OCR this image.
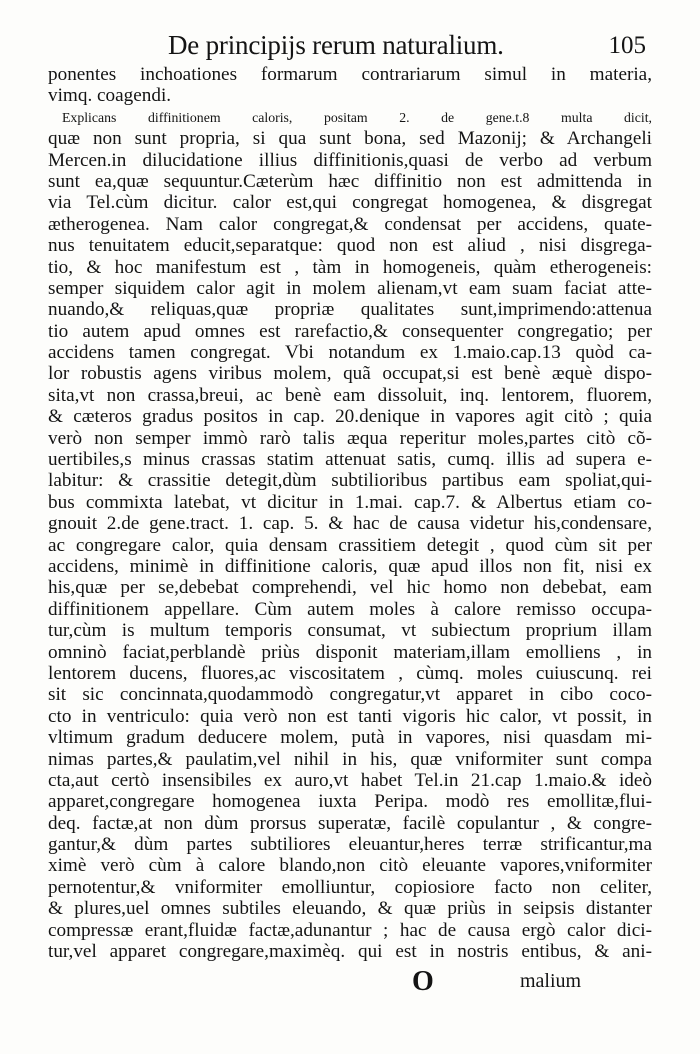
De principijs rerum naturalium.	105
ponentes inchoationes formarum contrariarum simul in materia,
vimq. coagendi.
Explicans diffinitionem caloris, positam 2. de gene.t.8 multa dicit,
quæ non sunt propria, si qua sunt bona, sed Mazonij; & Archangeli
Mercen.in dilucidatione illius diffinitionis,quasi de verbo ad verbum
sunt ea,quæ sequuntur.Cæterùm hæc diffinitio non est admittenda in
via Tel.cùm dicitur. calor est,qui congregat homogenea, & disgregat
ætherogenea. Nam calor congregat,& condensat per accidens, quate-
nus tenuitatem educit,separatque: quod non est aliud , nisi disgrega-
tio, & hoc manifestum est , tàm in homogeneis, quàm etherogeneis:
semper siquidem calor agit in molem alienam,vt eam suam faciat atte-
nuando,& reliquas,quæ propriæ qualitates sunt,imprimendo:attenua
tio autem apud omnes est rarefactio,& consequenter congregatio; per
accidens tamen congregat. Vbi notandum ex 1.maio.cap.13 quòd ca-
lor robustis agens viribus molem, quã occupat,si est benè æquè dispo-
sita,vt non crassa,breui, ac benè eam dissoluit, inq. lentorem, fluorem,
& cæteros gradus positos in cap. 20.denique in vapores agit citò ; quia
verò non semper immò rarò talis æqua reperitur moles,partes citò cõ-
uertibiles,s minus crassas statim attenuat satis, cumq. illis ad supera e-
labitur: & crassitie detegit,dùm subtilioribus partibus eam spoliat,qui-
bus commixta latebat, vt dicitur in 1.mai. cap.7. & Albertus etiam co-
gnouit 2.de gene.tract. 1. cap. 5. & hac de causa videtur his,condensare,
ac congregare calor, quia densam crassitiem detegit , quod cùm sit per
accidens, minimè in diffinitione caloris, quæ apud illos non fit, nisi ex
his,quæ per se,debebat comprehendi, vel hic homo non debebat, eam
diffinitionem appellare. Cùm autem moles à calore remisso occupa-
tur,cùm is multum temporis consumat, vt subiectum proprium illam
omninò faciat,perblandè priùs disponit materiam,illam emolliens , in
lentorem ducens, fluores,ac viscositatem , cùmq. moles cuiuscunq. rei
sit sic concinnata,quodammodò congregatur,vt apparet in cibo coco-
cto in ventriculo: quia verò non est tanti vigoris hic calor, vt possit, in
vltimum gradum deducere molem, putà in vapores, nisi quasdam mi-
nimas partes,& paulatim,vel nihil in his, quæ vniformiter sunt compa
cta,aut certò insensibiles ex auro,vt habet Tel.in 21.cap 1.maio.& ideò
apparet,congregare homogenea iuxta Peripa. modò res emollitæ,flui-
deq. factæ,at non dùm prorsus superatæ, facilè copulantur , & congre-
gantur,& dùm partes subtiliores eleuantur,heres terræ strificantur,ma
ximè verò cùm à calore blando,non citò eleuante vapores,vniformiter
pernotentur,& vniformiter emolliuntur, copiosiore facto non celiter,
& plures,uel omnes subtiles eleuando, & quæ priùs in seipsis distanter
compressæ erant,fluidæ factæ,adunantur ; hac de causa ergò calor dici-
tur,vel apparet congregare,maximèq. qui est in nostris entibus, & ani-
O	malium
